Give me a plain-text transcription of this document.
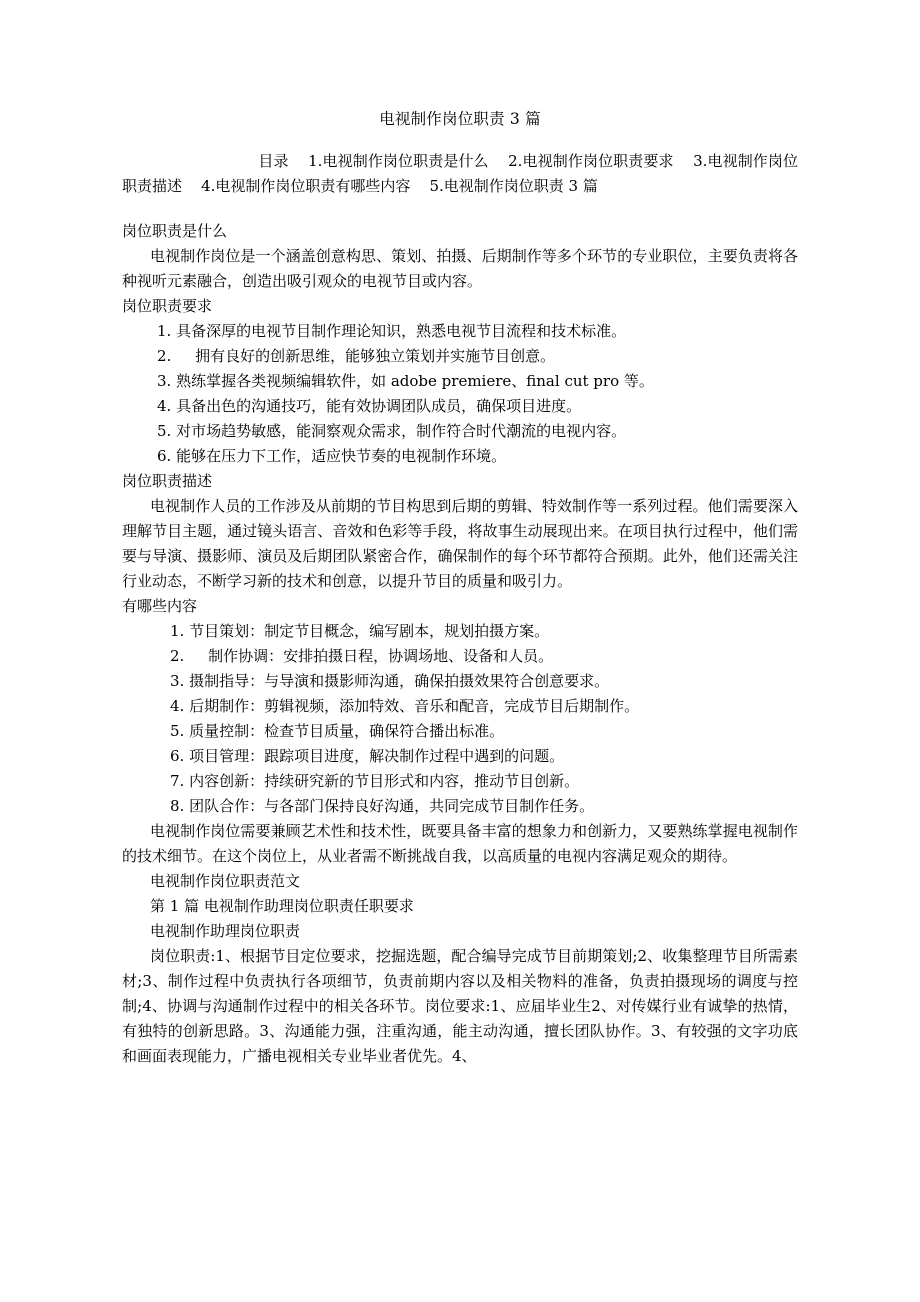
电视制作岗位职责 3 篇

目录    1.电视制作岗位职责是什么    2.电视制作岗位职责要求    3.电视制作岗位职责描述    4.电视制作岗位职责有哪些内容    5.电视制作岗位职责 3 篇

岗位职责是什么

电视制作岗位是一个涵盖创意构思、策划、拍摄、后期制作等多个环节的专业职位，主要负责将各种视听元素融合，创造出吸引观众的电视节目或内容。

岗位职责要求

1. 具备深厚的电视节目制作理论知识，熟悉电视节目流程和技术标准。
2.     拥有良好的创新思维，能够独立策划并实施节目创意。
3. 熟练掌握各类视频编辑软件，如 adobe premiere、final cut pro 等。
4. 具备出色的沟通技巧，能有效协调团队成员，确保项目进度。
5. 对市场趋势敏感，能洞察观众需求，制作符合时代潮流的电视内容。
6. 能够在压力下工作，适应快节奏的电视制作环境。

岗位职责描述

电视制作人员的工作涉及从前期的节目构思到后期的剪辑、特效制作等一系列过程。他们需要深入理解节目主题，通过镜头语言、音效和色彩等手段，将故事生动展现出来。在项目执行过程中，他们需要与导演、摄影师、演员及后期团队紧密合作，确保制作的每个环节都符合预期。此外，他们还需关注行业动态，不断学习新的技术和创意，以提升节目的质量和吸引力。

有哪些内容

1. 节目策划：制定节目概念，编写剧本，规划拍摄方案。
2.     制作协调：安排拍摄日程，协调场地、设备和人员。
3. 摄制指导：与导演和摄影师沟通，确保拍摄效果符合创意要求。
4. 后期制作：剪辑视频，添加特效、音乐和配音，完成节目后期制作。
5. 质量控制：检查节目质量，确保符合播出标准。
6. 项目管理：跟踪项目进度，解决制作过程中遇到的问题。
7. 内容创新：持续研究新的节目形式和内容，推动节目创新。
8. 团队合作：与各部门保持良好沟通，共同完成节目制作任务。

电视制作岗位需要兼顾艺术性和技术性，既要具备丰富的想象力和创新力，又要熟练掌握电视制作的技术细节。在这个岗位上，从业者需不断挑战自我，以高质量的电视内容满足观众的期待。

电视制作岗位职责范文

第 1 篇 电视制作助理岗位职责任职要求

电视制作助理岗位职责

岗位职责:1、根据节目定位要求，挖掘选题，配合编导完成节目前期策划;2、收集整理节目所需素材;3、制作过程中负责执行各项细节，负责前期内容以及相关物料的准备，负责拍摄现场的调度与控制;4、协调与沟通制作过程中的相关各环节。岗位要求:1、应届毕业生2、对传媒行业有诚挚的热情，有独特的创新思路。3、沟通能力强，注重沟通，能主动沟通，擅长团队协作。3、有较强的文字功底和画面表现能力，广播电视相关专业毕业者优先。4、
